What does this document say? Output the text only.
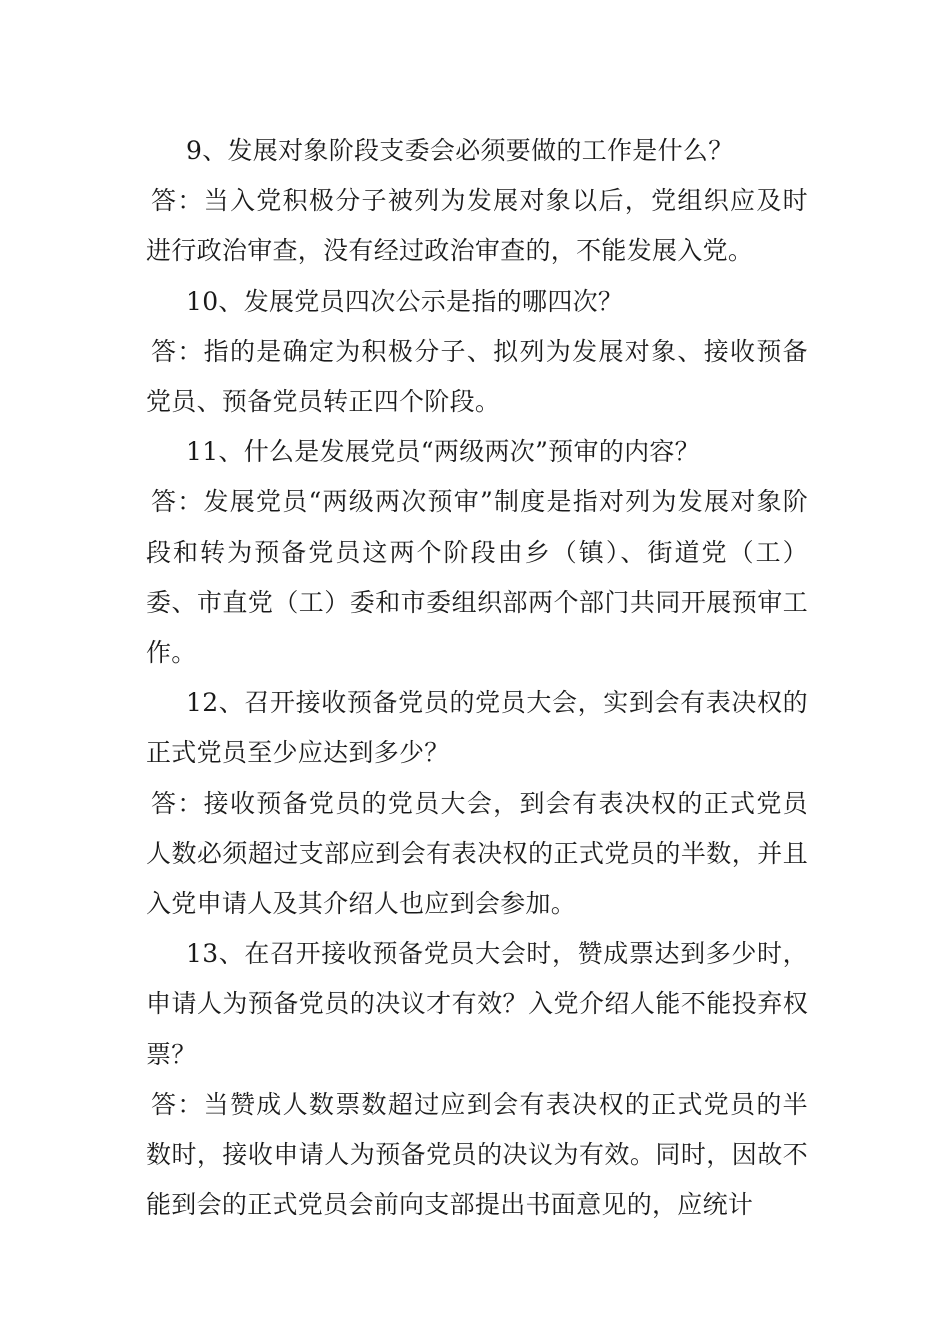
9、发展对象阶段支委会必须要做的工作是什么？

答：当入党积极分子被列为发展对象以后，党组织应及时进行政治审查，没有经过政治审查的，不能发展入党。

10、发展党员四次公示是指的哪四次？

答：指的是确定为积极分子、拟列为发展对象、接收预备党员、预备党员转正四个阶段。

11、什么是发展党员“两级两次”预审的内容？

答：发展党员“两级两次预审”制度是指对列为发展对象阶段和转为预备党员这两个阶段由乡（镇）、街道党（工）委、市直党（工）委和市委组织部两个部门共同开展预审工作。

12、召开接收预备党员的党员大会，实到会有表决权的正式党员至少应达到多少？

答：接收预备党员的党员大会，到会有表决权的正式党员人数必须超过支部应到会有表决权的正式党员的半数，并且入党申请人及其介绍人也应到会参加。

13、在召开接收预备党员大会时，赞成票达到多少时，申请人为预备党员的决议才有效？入党介绍人能不能投弃权票？

答：当赞成人数票数超过应到会有表决权的正式党员的半数时，接收申请人为预备党员的决议为有效。同时，因故不能到会的正式党员会前向支部提出书面意见的，应统计
